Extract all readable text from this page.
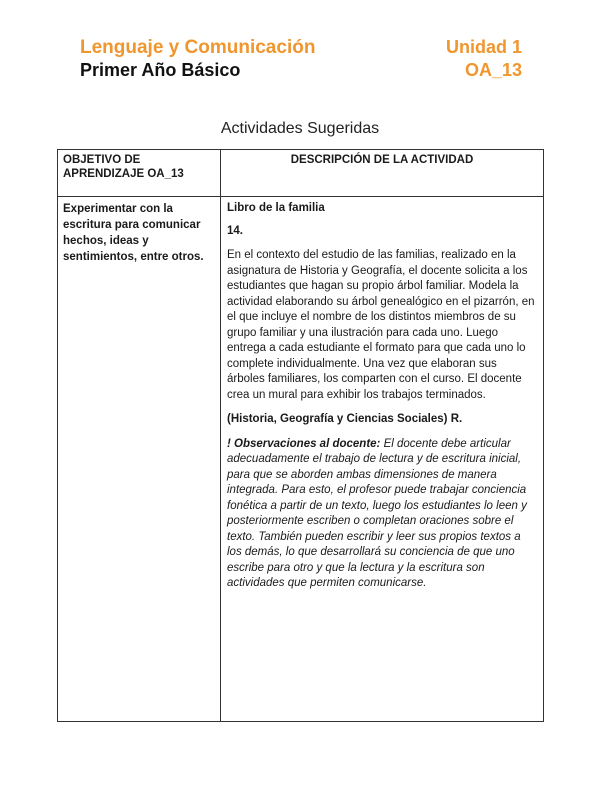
Lenguaje y Comunicación	Unidad 1
Primer Año Básico	OA_13
Actividades Sugeridas
OBJETIVO DE APRENDIZAJE OA_13	DESCRIPCIÓN DE LA ACTIVIDAD
Experimentar con la escritura para comunicar hechos, ideas y sentimientos, entre otros.	Libro de la familia

14.

En el contexto del estudio de las familias, realizado en la asignatura de Historia y Geografía, el docente solicita a los estudiantes que hagan su propio árbol familiar. Modela la actividad elaborando su árbol genealógico en el pizarrón, en el que incluye el nombre de los distintos miembros de su grupo familiar y una ilustración para cada uno. Luego entrega a cada estudiante el formato para que cada uno lo complete individualmente. Una vez que elaboran sus árboles familiares, los comparten con el curso. El docente crea un mural para exhibir los trabajos terminados.

(Historia, Geografía y Ciencias Sociales) R.

! Observaciones al docente: El docente debe articular adecuadamente el trabajo de lectura y de escritura inicial, para que se aborden ambas dimensiones de manera integrada. Para esto, el profesor puede trabajar conciencia fonética a partir de un texto, luego los estudiantes lo leen y posteriormente escriben o completan oraciones sobre el texto. También pueden escribir y leer sus propios textos a los demás, lo que desarrollará su conciencia de que uno escribe para otro y que la lectura y la escritura son actividades que permiten comunicarse.
